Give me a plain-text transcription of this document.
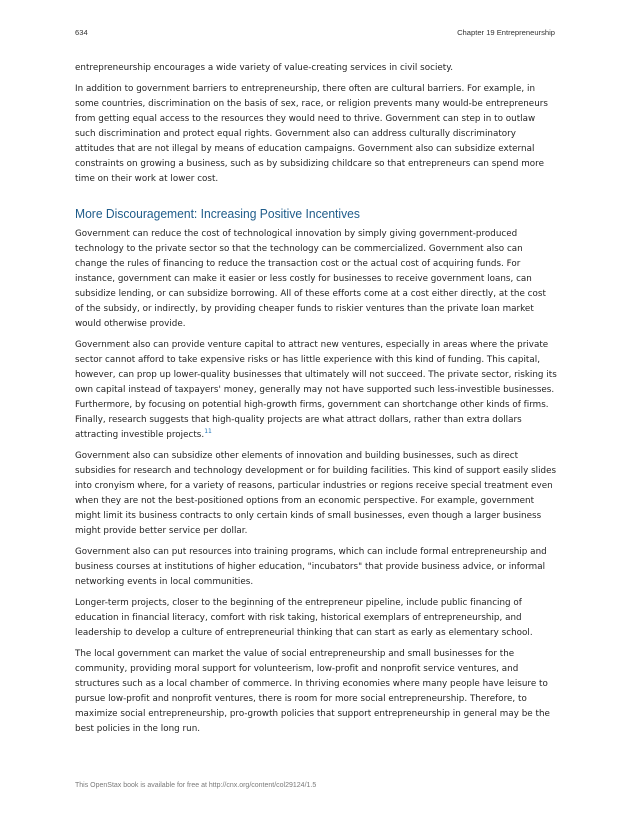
634	Chapter 19 Entrepreneurship

entrepreneurship encourages a wide variety of value-creating services in civil society.

In addition to government barriers to entrepreneurship, there often are cultural barriers. For example, in some countries, discrimination on the basis of sex, race, or religion prevents many would-be entrepreneurs from getting equal access to the resources they would need to thrive. Government can step in to outlaw such discrimination and protect equal rights. Government also can address culturally discriminatory attitudes that are not illegal by means of education campaigns. Government also can subsidize external constraints on growing a business, such as by subsidizing childcare so that entrepreneurs can spend more time on their work at lower cost.

More Discouragement: Increasing Positive Incentives

Government can reduce the cost of technological innovation by simply giving government-produced technology to the private sector so that the technology can be commercialized. Government also can change the rules of financing to reduce the transaction cost or the actual cost of acquiring funds. For instance, government can make it easier or less costly for businesses to receive government loans, can subsidize lending, or can subsidize borrowing. All of these efforts come at a cost either directly, at the cost of the subsidy, or indirectly, by providing cheaper funds to riskier ventures than the private loan market would otherwise provide.

Government also can provide venture capital to attract new ventures, especially in areas where the private sector cannot afford to take expensive risks or has little experience with this kind of funding. This capital, however, can prop up lower-quality businesses that ultimately will not succeed. The private sector, risking its own capital instead of taxpayers' money, generally may not have supported such less-investible businesses. Furthermore, by focusing on potential high-growth firms, government can shortchange other kinds of firms. Finally, research suggests that high-quality projects are what attract dollars, rather than extra dollars attracting investible projects.$^{11}$

Government also can subsidize other elements of innovation and building businesses, such as direct subsidies for research and technology development or for building facilities. This kind of support easily slides into cronyism where, for a variety of reasons, particular industries or regions receive special treatment even when they are not the best-positioned options from an economic perspective. For example, government might limit its business contracts to only certain kinds of small businesses, even though a larger business might provide better service per dollar.

Government also can put resources into training programs, which can include formal entrepreneurship and business courses at institutions of higher education, "incubators" that provide business advice, or informal networking events in local communities.

Longer-term projects, closer to the beginning of the entrepreneur pipeline, include public financing of education in financial literacy, comfort with risk taking, historical exemplars of entrepreneurship, and leadership to develop a culture of entrepreneurial thinking that can start as early as elementary school.

The local government can market the value of social entrepreneurship and small businesses for the community, providing moral support for volunteerism, low-profit and nonprofit service ventures, and structures such as a local chamber of commerce. In thriving economies where many people have leisure to pursue low-profit and nonprofit ventures, there is room for more social entrepreneurship. Therefore, to maximize social entrepreneurship, pro-growth policies that support entrepreneurship in general may be the best policies in the long run.

This OpenStax book is available for free at http://cnx.org/content/col29124/1.5
